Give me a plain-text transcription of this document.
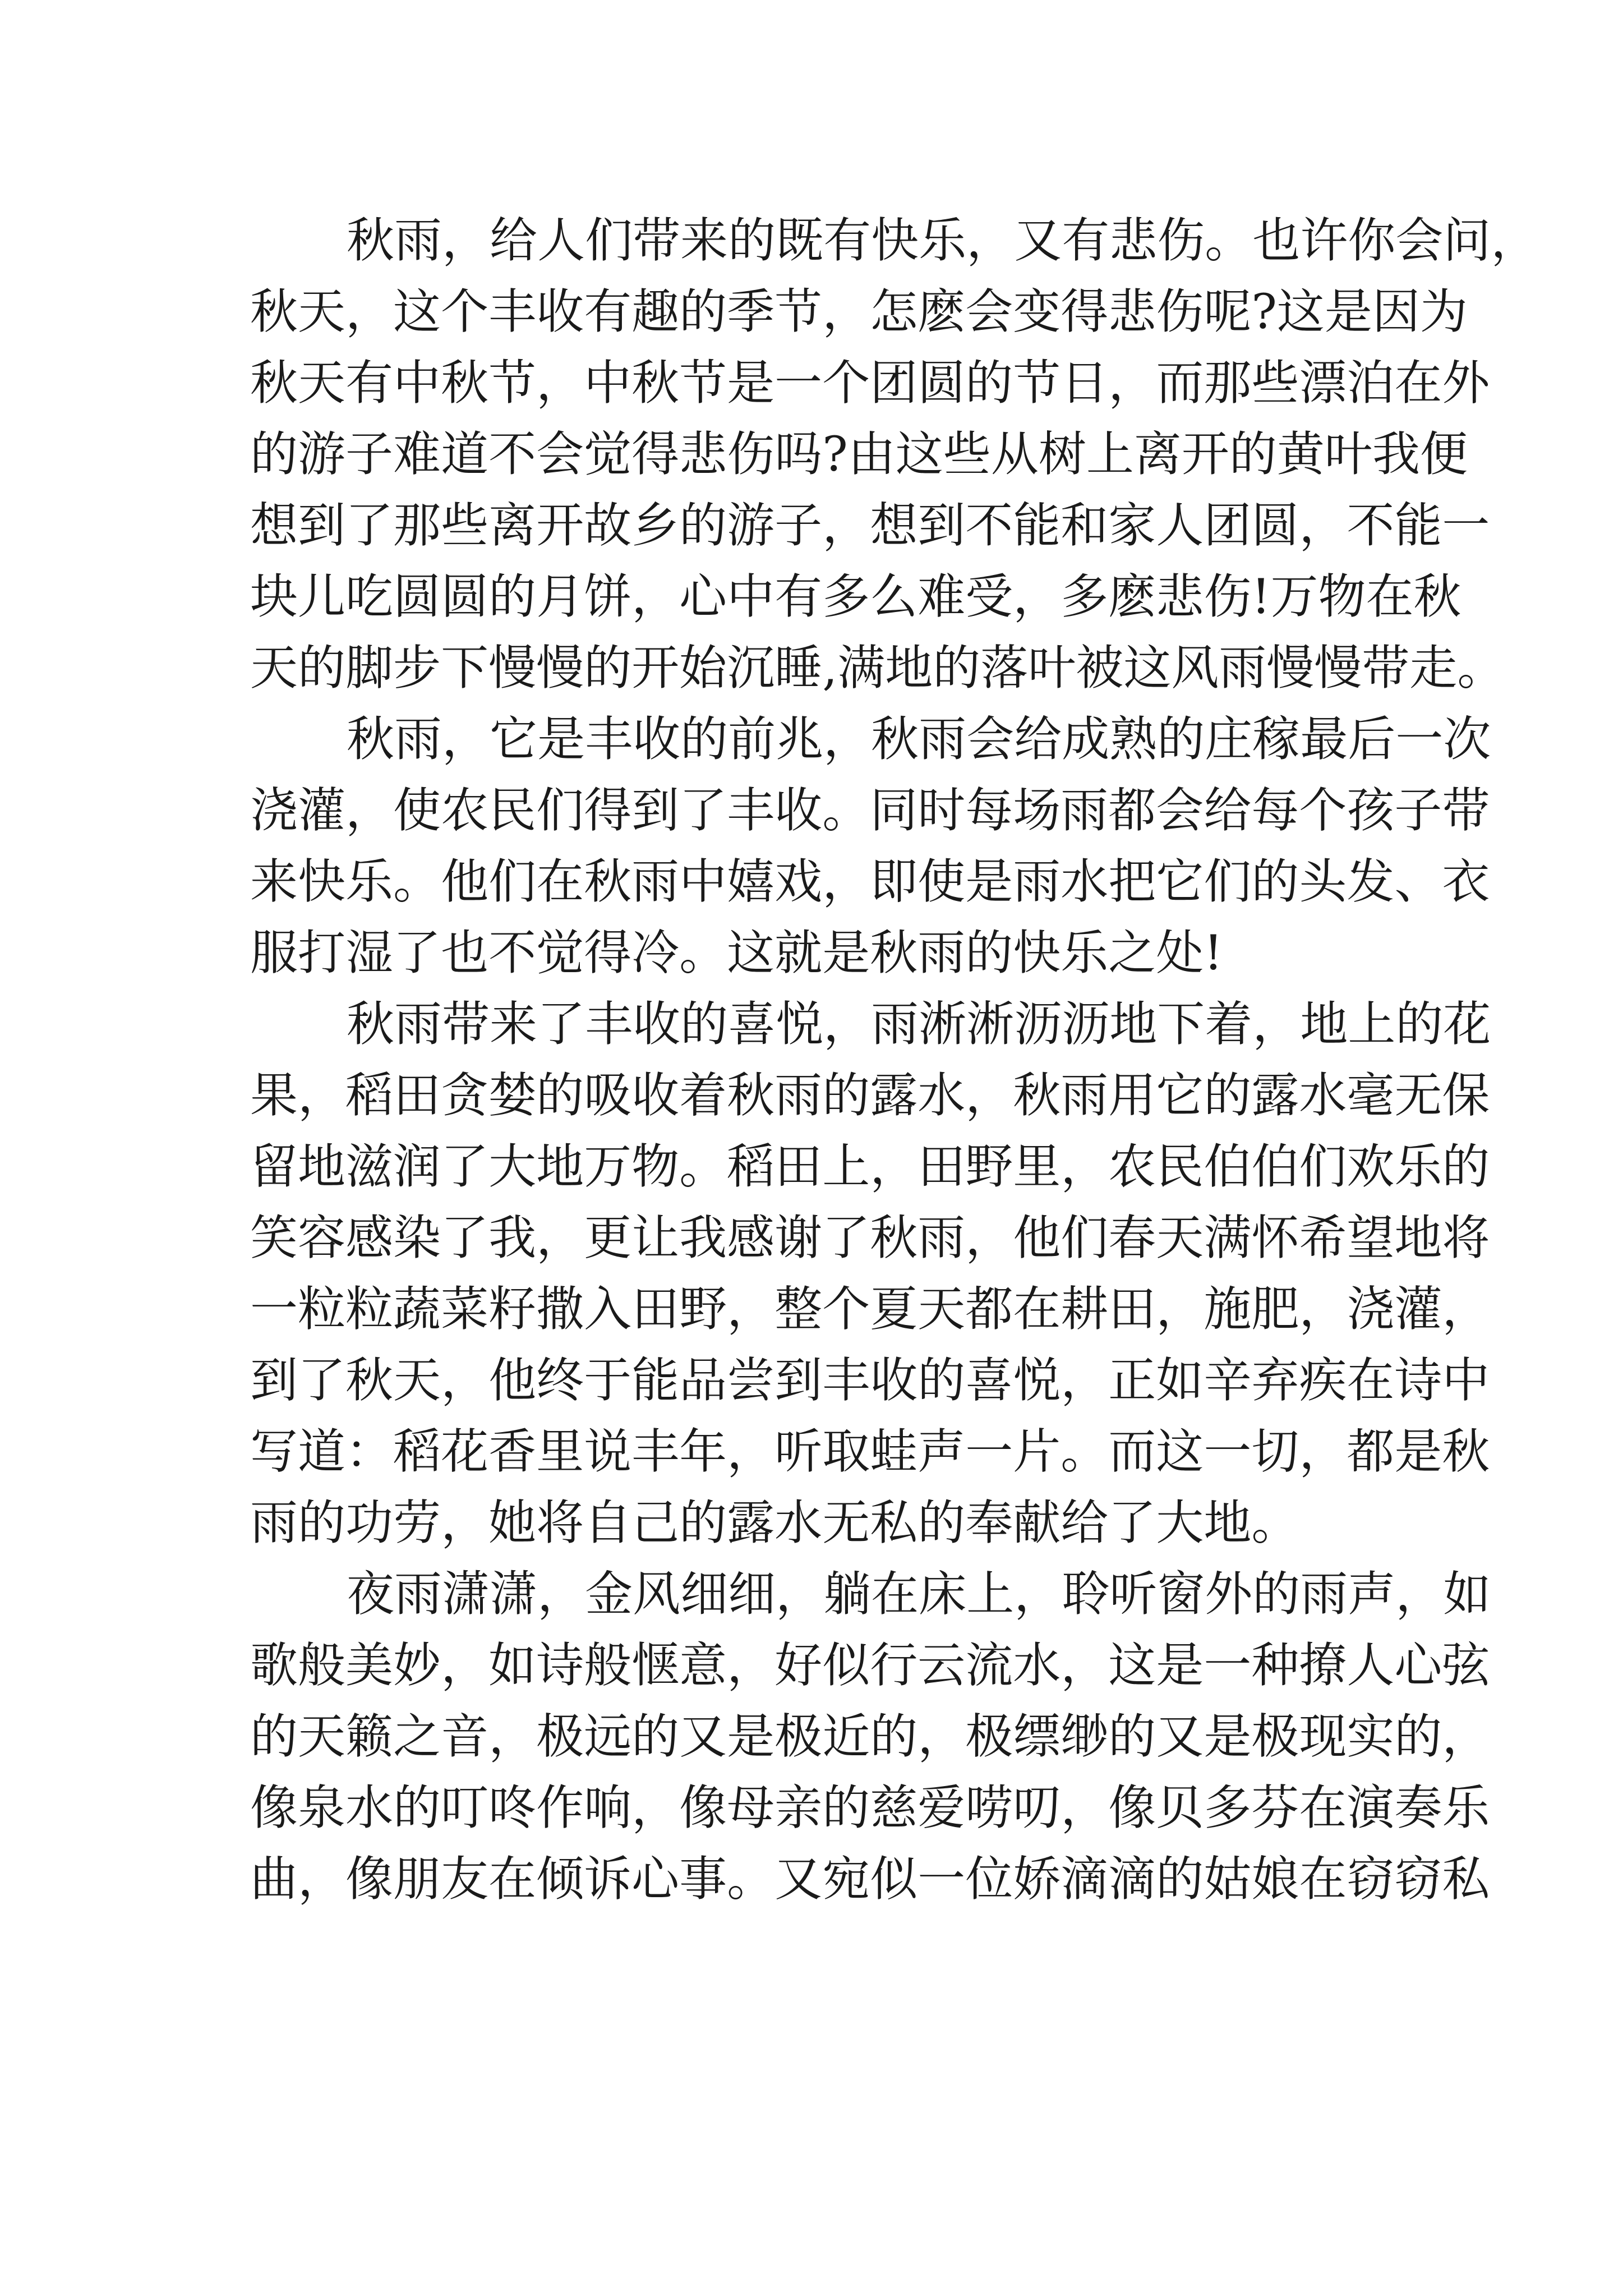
秋 雨 ， 给 人 们 带 来 的 既 有 快 乐 ， 又 有 悲 伤 。 也 许 你 会 问 ，
秋 天 ， 这 个 丰 收 有 趣 的 季 节 ， 怎 麽 会 变 得 悲 伤 呢 ? 这 是 因 为
秋 天 有 中 秋 节 ， 中 秋 节 是 一 个 团 圆 的 节 日 ， 而 那 些 漂 泊 在 外
的 游 子 难 道 不 会 觉 得 悲 伤 吗 ? 由 这 些 从 树 上 离 开 的 黄 叶 我 便
想 到 了 那 些 离 开 故 乡 的 游 子 ， 想 到 不 能 和 家 人 团 圆 ， 不 能 一
块 儿 吃 圆 圆 的 月 饼 ， 心 中 有 多 么 难 受 ， 多 麽 悲 伤 ! 万 物 在 秋
天 的 脚 步 下 慢 慢 的 开 始 沉 睡 , 满 地 的 落 叶 被 这 风 雨 慢 慢 带 走 。
秋 雨 ， 它 是 丰 收 的 前 兆 ， 秋 雨 会 给 成 熟 的 庄 稼 最 后 一 次
浇 灌 ， 使 农 民 们 得 到 了 丰 收 。 同 时 每 场 雨 都 会 给 每 个 孩 子 带
来 快 乐 。 他 们 在 秋 雨 中 嬉 戏 ， 即 使 是 雨 水 把 它 们 的 头 发 、 衣
服 打 湿 了 也 不 觉 得 冷 。 这 就 是 秋 雨 的 快 乐 之 处 !
秋 雨 带 来 了 丰 收 的 喜 悦 ， 雨 淅 淅 沥 沥 地 下 着 ， 地 上 的 花
果 ， 稻 田 贪 婪 的 吸 收 着 秋 雨 的 露 水 ， 秋 雨 用 它 的 露 水 毫 无 保
留 地 滋 润 了 大 地 万 物 。 稻 田 上 ， 田 野 里 ， 农 民 伯 伯 们 欢 乐 的
笑 容 感 染 了 我 ， 更 让 我 感 谢 了 秋 雨 ， 他 们 春 天 满 怀 希 望 地 将
一 粒 粒 蔬 菜 籽 撒 入 田 野 ， 整 个 夏 天 都 在 耕 田 ， 施 肥 ， 浇 灌 ，
到 了 秋 天 ， 他 终 于 能 品 尝 到 丰 收 的 喜 悦 ， 正 如 辛 弃 疾 在 诗 中
写 道 ： 稻 花 香 里 说 丰 年 ， 听 取 蛙 声 一 片 。 而 这 一 切 ， 都 是 秋
雨 的 功 劳 ， 她 将 自 己 的 露 水 无 私 的 奉 献 给 了 大 地 。
夜 雨 潇 潇 ， 金 风 细 细 ， 躺 在 床 上 ， 聆 听 窗 外 的 雨 声 ， 如
歌 般 美 妙 ， 如 诗 般 惬 意 ， 好 似 行 云 流 水 ， 这 是 一 种 撩 人 心 弦
的 天 籁 之 音 ， 极 远 的 又 是 极 近 的 ， 极 缥 缈 的 又 是 极 现 实 的 ，
像 泉 水 的 叮 咚 作 响 ， 像 母 亲 的 慈 爱 唠 叨 ， 像 贝 多 芬 在 演 奏 乐
曲 ， 像 朋 友 在 倾 诉 心 事 。 又 宛 似 一 位 娇 滴 滴 的 姑 娘 在 窃 窃 私
